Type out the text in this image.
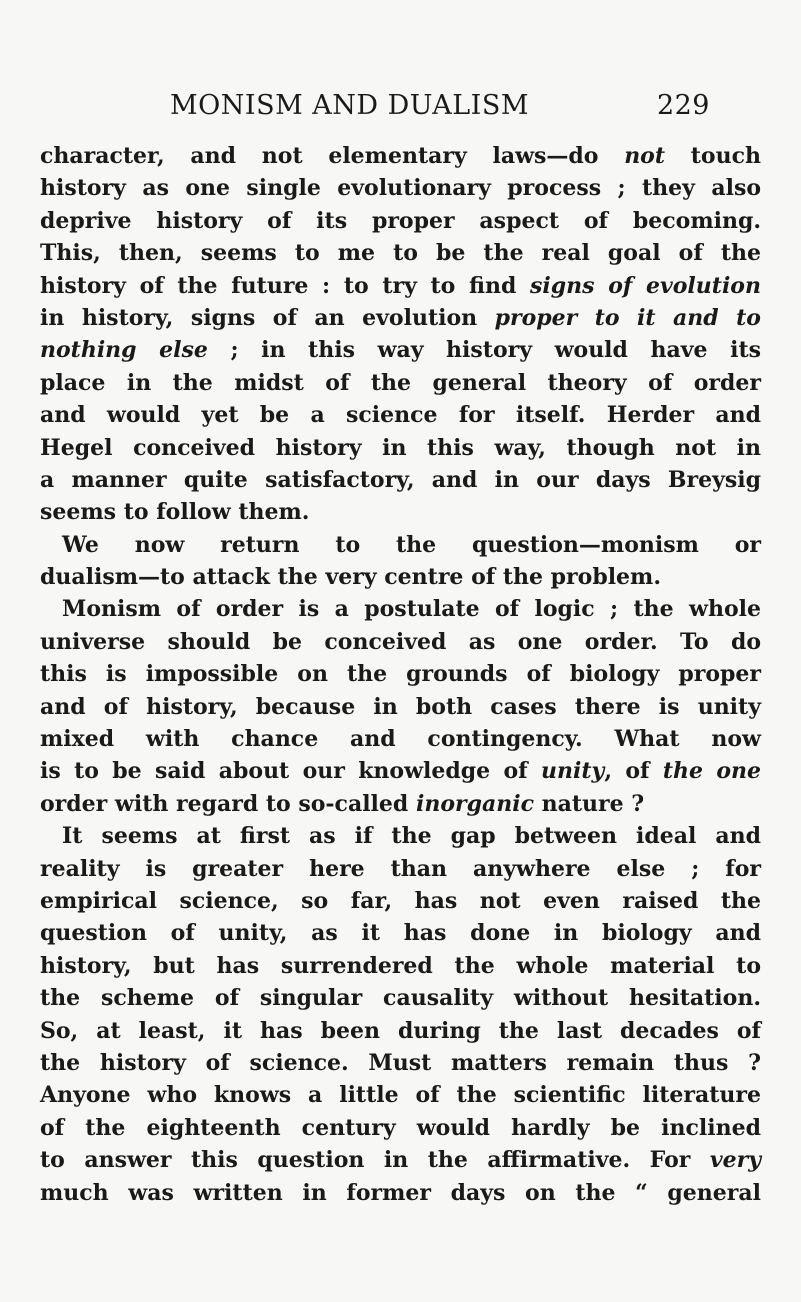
MONISM AND DUALISM	229
character, and not elementary laws—do not touch
history as one single evolutionary process ; they also
deprive history of its proper aspect of becoming.
This, then, seems to me to be the real goal of the
history of the future : to try to find signs of evolution
in history, signs of an evolution proper to it and to
nothing else ; in this way history would have its
place in the midst of the general theory of order
and would yet be a science for itself. Herder and
Hegel conceived history in this way, though not in
a manner quite satisfactory, and in our days Breysig
seems to follow them.
We now return to the question—monism or
dualism—to attack the very centre of the problem.
Monism of order is a postulate of logic ; the whole
universe should be conceived as one order. To do
this is impossible on the grounds of biology proper
and of history, because in both cases there is unity
mixed with chance and contingency. What now
is to be said about our knowledge of unity, of the one
order with regard to so-called inorganic nature ?
It seems at first as if the gap between ideal and
reality is greater here than anywhere else ; for
empirical science, so far, has not even raised the
question of unity, as it has done in biology and
history, but has surrendered the whole material to
the scheme of singular causality without hesitation.
So, at least, it has been during the last decades of
the history of science. Must matters remain thus ?
Anyone who knows a little of the scientific literature
of the eighteenth century would hardly be inclined
to answer this question in the affirmative. For very
much was written in former days on the “ general
